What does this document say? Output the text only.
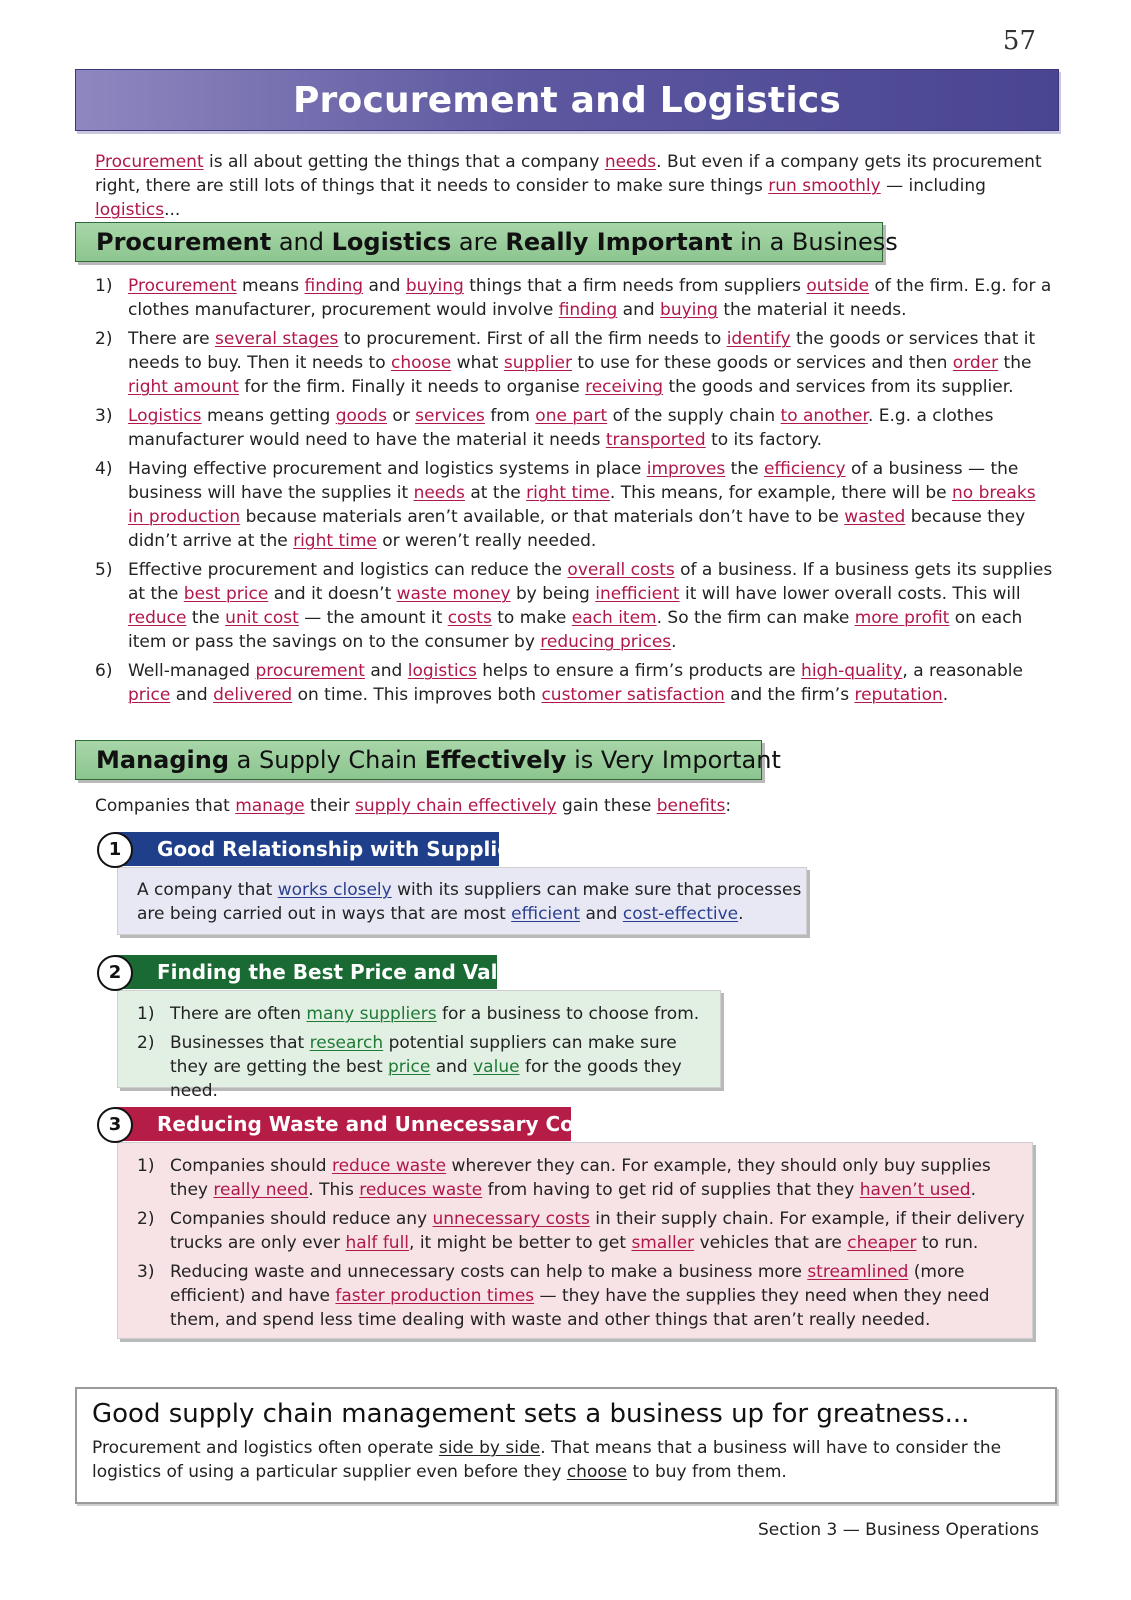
57
Procurement and Logistics
Procurement is all about getting the things that a company needs. But even if a company gets its procurement right, there are still lots of things that it needs to consider to make sure things run smoothly — including logistics...
Procurement and Logistics are Really Important in a Business
1) Procurement means finding and buying things that a firm needs from suppliers outside of the firm. E.g. for a clothes manufacturer, procurement would involve finding and buying the material it needs.
2) There are several stages to procurement. First of all the firm needs to identify the goods or services that it needs to buy. Then it needs to choose what supplier to use for these goods or services and then order the right amount for the firm. Finally it needs to organise receiving the goods and services from its supplier.
3) Logistics means getting goods or services from one part of the supply chain to another. E.g. a clothes manufacturer would need to have the material it needs transported to its factory.
4) Having effective procurement and logistics systems in place improves the efficiency of a business — the business will have the supplies it needs at the right time. This means, for example, there will be no breaks in production because materials aren’t available, or that materials don’t have to be wasted because they didn’t arrive at the right time or weren’t really needed.
5) Effective procurement and logistics can reduce the overall costs of a business. If a business gets its supplies at the best price and it doesn’t waste money by being inefficient it will have lower overall costs. This will reduce the unit cost — the amount it costs to make each item. So the firm can make more profit on each item or pass the savings on to the consumer by reducing prices.
6) Well-managed procurement and logistics helps to ensure a firm’s products are high-quality, a reasonable price and delivered on time. This improves both customer satisfaction and the firm’s reputation.
Managing a Supply Chain Effectively is Very Important
Companies that manage their supply chain effectively gain these benefits:
Good Relationship with Suppliers
1
A company that works closely with its suppliers can make sure that processes are being carried out in ways that are most efficient and cost-effective.
Finding the Best Price and Value
2
1) There are often many suppliers for a business to choose from.
2) Businesses that research potential suppliers can make sure they are getting the best price and value for the goods they need.
Reducing Waste and Unnecessary Costs
3
1) Companies should reduce waste wherever they can. For example, they should only buy supplies they really need. This reduces waste from having to get rid of supplies that they haven’t used.
2) Companies should reduce any unnecessary costs in their supply chain. For example, if their delivery trucks are only ever half full, it might be better to get smaller vehicles that are cheaper to run.
3) Reducing waste and unnecessary costs can help to make a business more streamlined (more efficient) and have faster production times — they have the supplies they need when they need them, and spend less time dealing with waste and other things that aren’t really needed.
Good supply chain management sets a business up for greatness...
Procurement and logistics often operate side by side. That means that a business will have to consider the logistics of using a particular supplier even before they choose to buy from them.
Section 3 — Business Operations
